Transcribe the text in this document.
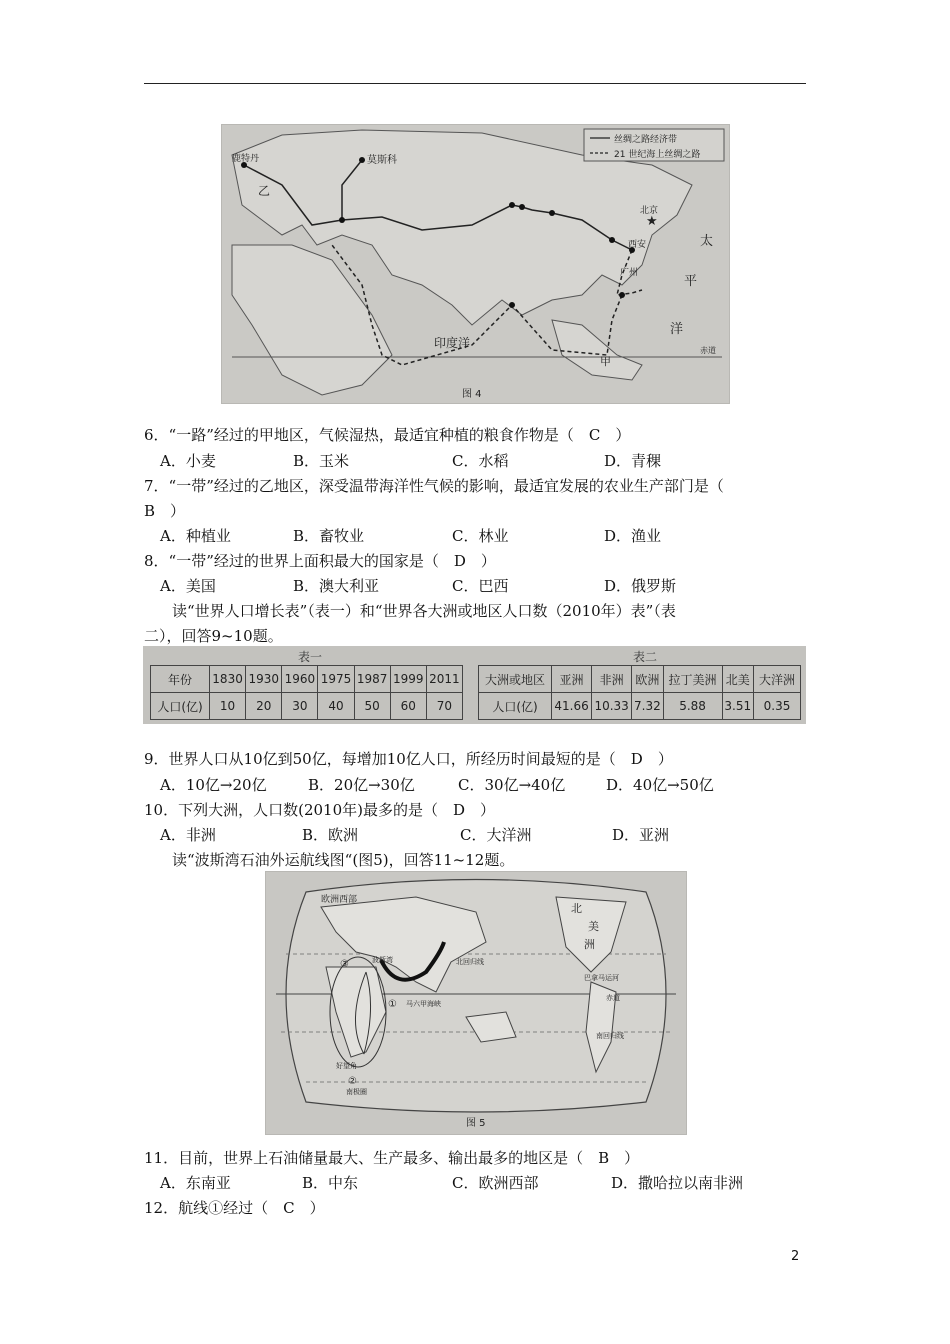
丝绸之路经济带
21 世纪海上丝绸之路
★
鹿特丹	莫斯科
北京
西安
广州
乙
甲
印度洋
太
平
洋
赤道
图 4
6．“一路”经过的甲地区，气候湿热，最适宜种植的粮食作物是（　C　）
A．小麦	B．玉米	C．水稻	D．青稞
7．“一带”经过的乙地区，深受温带海洋性气候的影响，最适宜发展的农业生产部门是（
B　）
A．种植业	B．畜牧业	C．林业	D．渔业
8．“一带”经过的世界上面积最大的国家是（　D　）
A．美国	B．澳大利亚	C．巴西	D．俄罗斯
读“世界人口增长表”（表一）和“世界各大洲或地区人口数（2010年）表”（表
二），回答9~10题。
表一
年份	1830	1930	1960	1975	1987	1999	2011
人口(亿)	10	20	30	40	50	60	70
表二
大洲或地区	亚洲	非洲	欧洲	拉丁美洲	北美	大洋洲
人口(亿)	41.66	10.33	7.32	5.88	3.51	0.35
9．世界人口从10亿到50亿，每增加10亿人口，所经历时间最短的是（　D　）
A．10亿→20亿	B．20亿→30亿	C．30亿→40亿	D．40亿→50亿
10．下列大洲，人口数(2010年)最多的是（　D　）
A．非洲	B．欧洲	C．大洋洲	D．亚洲
读“波斯湾石油外运航线图“(图5)，回答11~12题。
欧洲西部
北
美
洲
波斯湾	北回归线
巴拿马运河
赤道
南回归线
好望角
马六甲海峡
南极圈
①
②
③
图 5
11．目前，世界上石油储量最大、生产最多、输出最多的地区是（　B　）
A．东南亚	B．中东	C．欧洲西部	D．撒哈拉以南非洲
12．航线①经过（　C　）
2
